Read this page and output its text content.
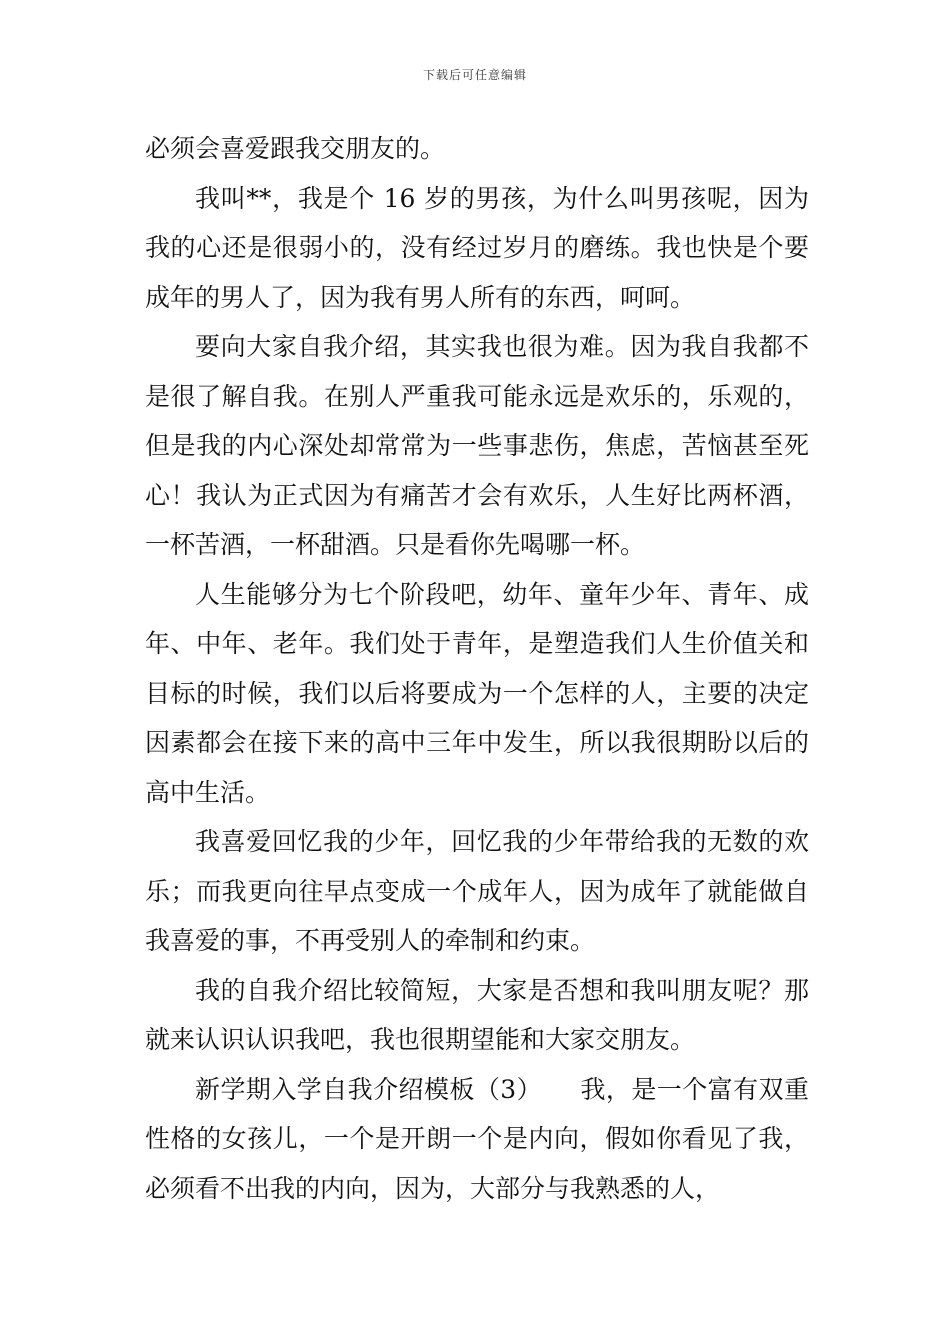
下载后可任意编辑

必须会喜爱跟我交朋友的。

我叫**，我是个 16 岁的男孩，为什么叫男孩呢，因为我的心还是很弱小的，没有经过岁月的磨练。我也快是个要成年的男人了，因为我有男人所有的东西，呵呵。

要向大家自我介绍，其实我也很为难。因为我自我都不是很了解自我。在别人严重我可能永远是欢乐的，乐观的，但是我的内心深处却常常为一些事悲伤，焦虑，苦恼甚至死心！我认为正式因为有痛苦才会有欢乐，人生好比两杯酒，一杯苦酒，一杯甜酒。只是看你先喝哪一杯。

人生能够分为七个阶段吧，幼年、童年少年、青年、成年、中年、老年。我们处于青年，是塑造我们人生价值关和目标的时候，我们以后将要成为一个怎样的人，主要的决定因素都会在接下来的高中三年中发生，所以我很期盼以后的高中生活。

我喜爱回忆我的少年，回忆我的少年带给我的无数的欢乐；而我更向往早点变成一个成年人，因为成年了就能做自我喜爱的事，不再受别人的牵制和约束。

我的自我介绍比较简短，大家是否想和我叫朋友呢？那就来认识认识我吧，我也很期望能和大家交朋友。

新学期入学自我介绍模板（3）　　我，是一个富有双重性格的女孩儿，一个是开朗一个是内向，假如你看见了我，必须看不出我的内向，因为，大部分与我熟悉的人，
